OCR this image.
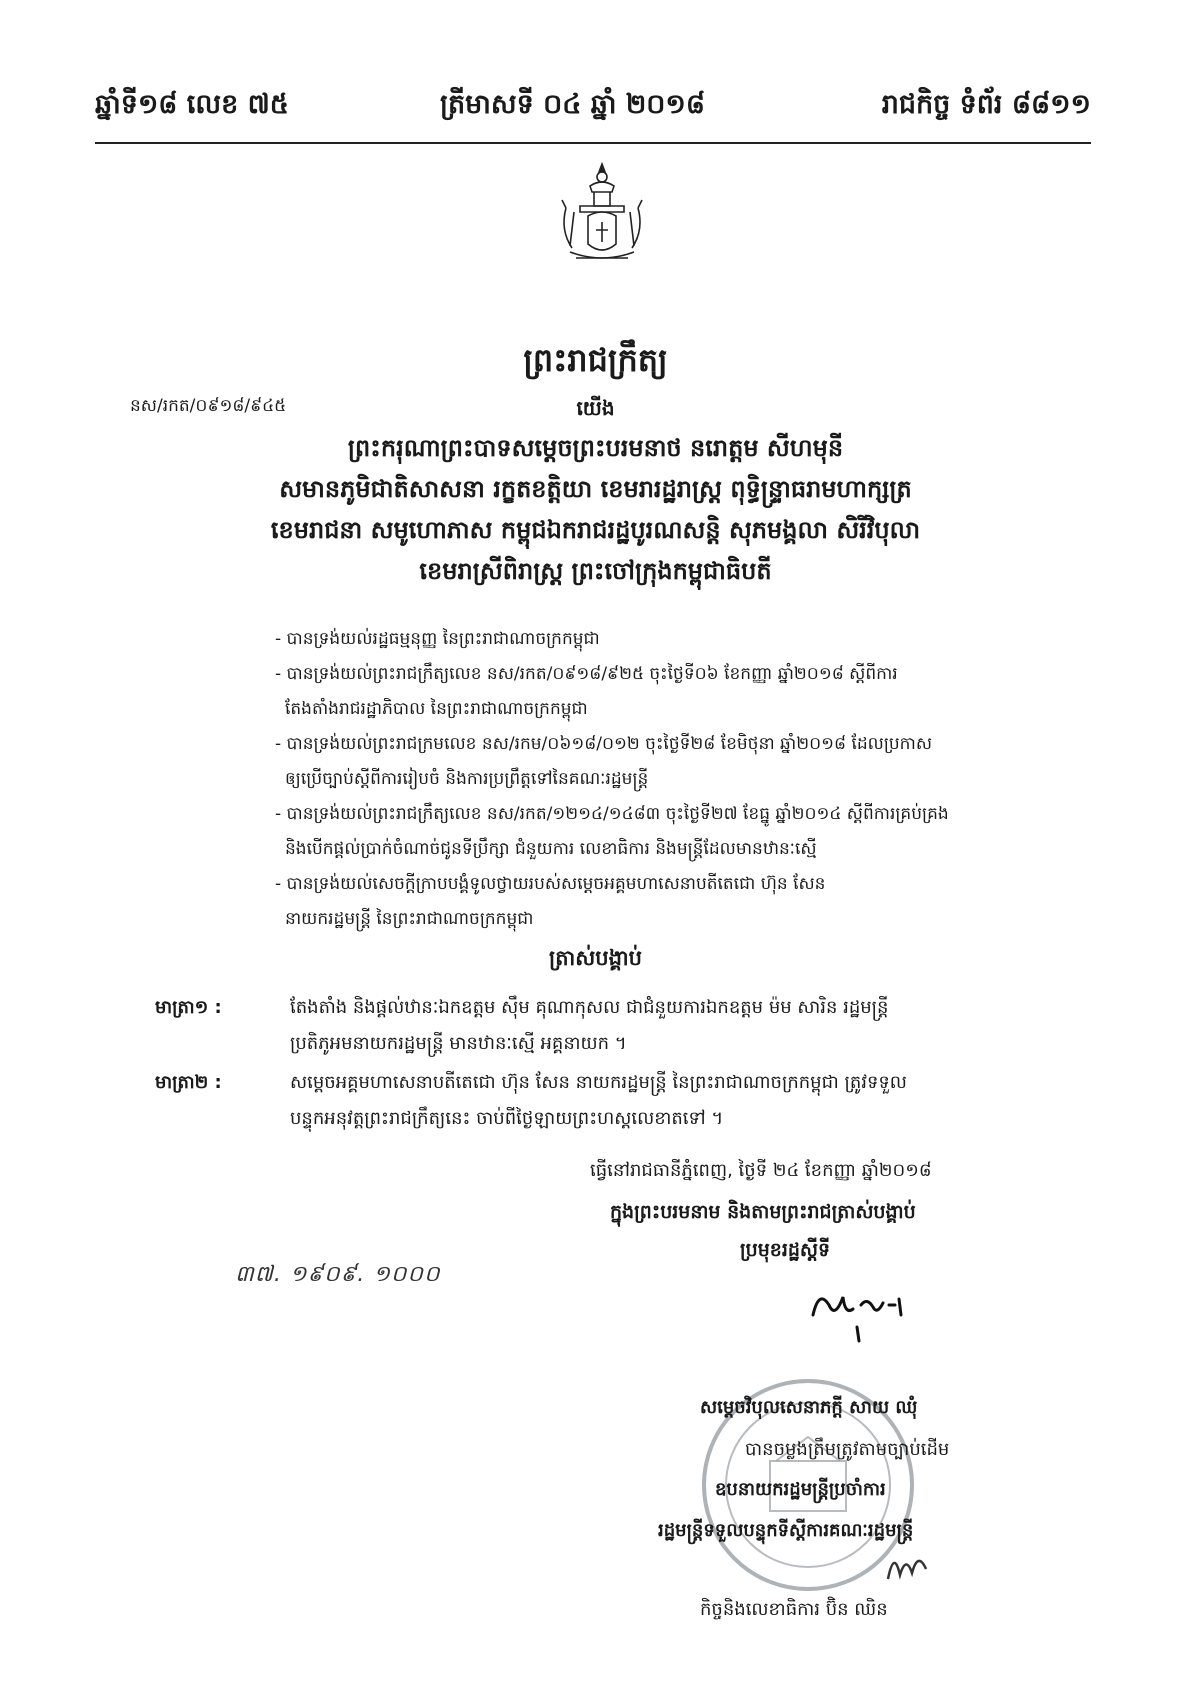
ឆ្នាំទី១៨ លេខ ៧៥	ត្រីមាសទី ០៤ ឆ្នាំ ២០១៨	រាជកិច្ច ទំព័រ ៨៨១១
ព្រះរាជក្រឹត្យ
នស/រកត/០៩១៨/៩៤៥	យើង
ព្រះករុណាព្រះបាទសម្តេចព្រះបរមនាថ នរោត្តម សីហមុនី
សមានភូមិជាតិសាសនា រក្ខតខត្តិយា ខេមរារដ្ឋរាស្ត្រ ពុទ្ធិន្ទ្រាធរាមហាក្សត្រ
ខេមរាជនា សមូហោភាស កម្ពុជឯករាជរដ្ឋបូរណសន្តិ សុភមង្គលា សិរីវិបុលា
ខេមរាស្រីពិរាស្ត្រ ព្រះចៅក្រុងកម្ពុជាធិបតី
- បានទ្រង់យល់រដ្ឋធម្មនុញ្ញ នៃព្រះរាជាណាចក្រកម្ពុជា
- បានទ្រង់យល់ព្រះរាជក្រឹត្យលេខ នស/រកត/០៩១៨/៩២៥ ចុះថ្ងៃទី០៦ ខែកញ្ញា ឆ្នាំ២០១៨ ស្តីពីការ
តែងតាំងរាជរដ្ឋាភិបាល នៃព្រះរាជាណាចក្រកម្ពុជា
- បានទ្រង់យល់ព្រះរាជក្រមលេខ នស/រកម/០៦១៨/០១២ ចុះថ្ងៃទី២៨ ខែមិថុនា ឆ្នាំ២០១៨ ដែលប្រកាស
ឲ្យប្រើច្បាប់ស្តីពីការរៀបចំ និងការប្រព្រឹត្តទៅនៃគណៈរដ្ឋមន្ត្រី
- បានទ្រង់យល់ព្រះរាជក្រឹត្យលេខ នស/រកត/១២១៤/១៤៨៣ ចុះថ្ងៃទី២៧ ខែធ្នូ ឆ្នាំ២០១៤ ស្តីពីការគ្រប់គ្រង
និងបើកផ្តល់ប្រាក់ចំណាច់ជូនទីប្រឹក្សា ជំនួយការ លេខាធិការ និងមន្ត្រីដែលមានឋានៈស្មើ
- បានទ្រង់យល់សេចក្តីក្រាបបង្គំទូលថ្វាយរបស់សម្តេចអគ្គមហាសេនាបតីតេជោ ហ៊ុន សែន
នាយករដ្ឋមន្ត្រី នៃព្រះរាជាណាចក្រកម្ពុជា
ត្រាស់បង្គាប់
មាត្រា១ :	តែងតាំង និងផ្តល់ឋានៈឯកឧត្តម ស៊ឹម គុណាកុសល ជាជំនួយការឯកឧត្តម ម៉ម សារិន រដ្ឋមន្ត្រី
ប្រតិភូអមនាយករដ្ឋមន្ត្រី មានឋានៈស្មើ អគ្គនាយក ។
មាត្រា២ :	សម្តេចអគ្គមហាសេនាបតីតេជោ ហ៊ុន សែន នាយករដ្ឋមន្ត្រី នៃព្រះរាជាណាចក្រកម្ពុជា ត្រូវទទួល
បន្ទុកអនុវត្តព្រះរាជក្រឹត្យនេះ ចាប់ពីថ្ងៃឡាយព្រះហស្តលេខាតទៅ ។
ធ្វើនៅរាជធានីភ្នំពេញ, ថ្ងៃទី ២៤ ខែកញ្ញា ឆ្នាំ២០១៨
ក្នុងព្រះបរមនាម និងតាមព្រះរាជត្រាស់បង្គាប់
ប្រមុខរដ្ឋស្តីទី
៣៧. ១៩០៩. ១០០០
សម្តេចវិបុលសេនាភក្តី សាយ ឈុំ
បានចម្លងត្រឹមត្រូវតាមច្បាប់ដើម
ឧបនាយករដ្ឋមន្ត្រីប្រចាំការ
រដ្ឋមន្ត្រីទទួលបន្ទុកទីស្តីការគណៈរដ្ឋមន្ត្រី
កិច្ចនិងលេខាធិការ ប៊ិន ឈិន
